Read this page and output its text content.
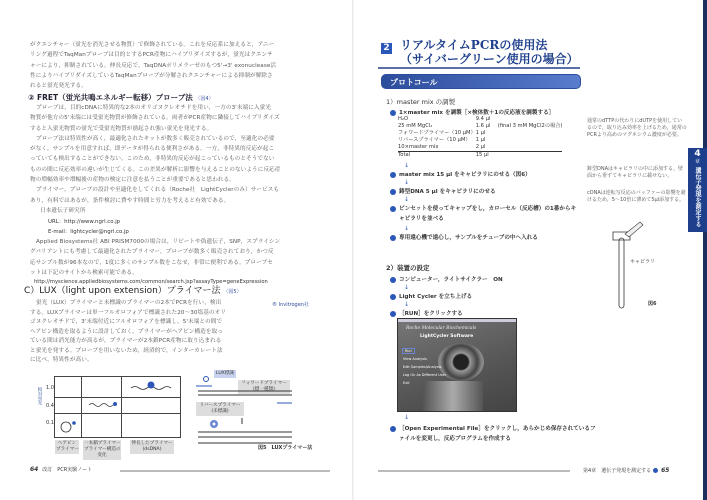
がクエンチャー（蛍光を消光させる物質）で修飾されている。これを反応系に加えると，アニー

リング過程でTaqManプローブは目的とするPCR産物にハイブリダイズするが，蛍光はクエンチ

ャーにより，抑制されている。伸長反応で，TaqDNAポリメラーゼのもつ5'→3' exonuclease活

性によりハイブリダイズしているTaqManプローブが分解されクエンチャーによる抑制が解除さ

れると蛍光発光する。

② FRET（蛍光共鳴エネルギー転移）プローブ法 〈図4〉

プローブは，目的cDNAに特異的な2本のオリゴヌクレオチドを用い，一方の3'末端に入蛍光

物質が他方の5'末端には受蛍光物質が修飾されている。両者がPCR産物に隣接してハイブリダイズ

すると入蛍光物質の蛍光で受蛍光物質が励起され強い蛍光を発光する。

プローブ法は特異性が高く，最適化されたキットが数多く販売されているので，至適化の必要

がなく，サンプルを用意すれば，即データが得られる便利さがある。一方，非特異的反応が起こ

っていても検出することができない。このため，非特異的反応が起こっているものとそうでない

ものの間に反応効率の違いが生じてくる。この差異が解析に影響を与えることのないように反応産

物の増幅効率や増幅後の産物の検定に注意を払うことが重要であると思われる。

プライマー，プローブの設計や至適化をしてくれる（Roche社　LightCyclerのみ）サービスも

あり，有料ではあるが，条件検討に費やす時間と労力を考えると有効である。

日本遺伝子研究所
URL：http://www.ngrl.co.jp
E-mail：lightcycler@ngrl.co.jp

Applied Biosystems社 ABI PRISM7000の場合は，リピートや偽遺伝子，SNP，スプライシン

グバリアントにも考慮して最適化されたプライマー，プローブが数多く販売されており，かつ反

応サンプル数が96本なので，1度に多くのサンプル数をこなせ，非常に便利である。プローブセ

ットは下記のサイトから検索可能である。

http://myscience.appliedbiosystems.com/common/search.jsp?assayType=geneExpression
C）LUX（light upon extension）プライマー法 〈図5〉
® Invitrogen社

蛍光（LUX）プライマーと未標識のプライマーの2本でPCRを行い，検出

する。LUXプライマーは単一フルオロフォアで標識された20～30塩基のオリ

ゴヌクレオチドで，3'末端付近にフルオロフォアを標識し，5'末端との間で

ヘアピン構造を取るように設計しておく。プライマーがヘアピン構造を取っ

ている間は消光能力が高るが，プライマーが2本鎖PCR産物に取り込まれる

と蛍光を発する。プローブを用いないため，経済的で，インターカレート法

に比べ，特異性が高い。

相対蛍光 1.0
0.4
0.1
ヘアピン
プライマー
一本鎖プライマー
プライマー構造の
変化
伸長したプライマー
(dsDNA)
LUX標識
フォワードプライマー
(標一種類)
リバースプライマー
(未標識)
図5　LUXプライマー法
64 改訂　PCR実験ノート
2 リアルタイムPCRの使用法
（サイバーグリーン使用の場合）
プロトコール
1）master mix の調製
1×master mix を調製［×検体数＋1の反応液を調製する］
H₂O	9.4 μl	
25 mM MgCl₂	1.6 μl	(final 3 mM MgCl2の場合)
フォワードプライマー（10 μM）	1 μl	
リバースプライマー（10 μM）	1 μl	
10×master mix	2 μl	
Total	15 μl	
↓
master mix 15 μl をキャピラリにのせる（図6）
↓
鋳型DNA 5 μl をキャピラリにのせる
↓
ピンセットを使ってキャップをし，カローセル（反応槽）の1番からキ
ャピラリを並べる
↓
専用遠心機で遠心し，サンプルをチューブの中へ入れる
2）装置の設定
コンピューター，ライトサイクラー　ON
↓
Light Cycler を立ち上げる
↓
［RUN］をクリックする
Roche Molecular Biochemicals
LightCycler Software
Run
View Analysis
Edit Samples/Analysis
Log On As Different User
Exit
↓
［Open Experimental File］をクリックし，あらかじめ保存されているフ
ァイルを変更し，反応プログラムを作成する
通常のdTTPの代わりにdUTPを使用しているので，取り込み効率を上げるため，通常のPCRより高めのマグネシウム濃度が必要。
鋳型DNAはキャピラリの中に添加する。壁面から垂ずてキャピラリに載せない。
cDNAは逆転写反応のバッファーの影響を避けるため，5～10倍に薄めて5μl添加する。
キャピラリ
図6
4
章
遺伝子発現を測定する
第4章　遺伝子発現を測定する 65
